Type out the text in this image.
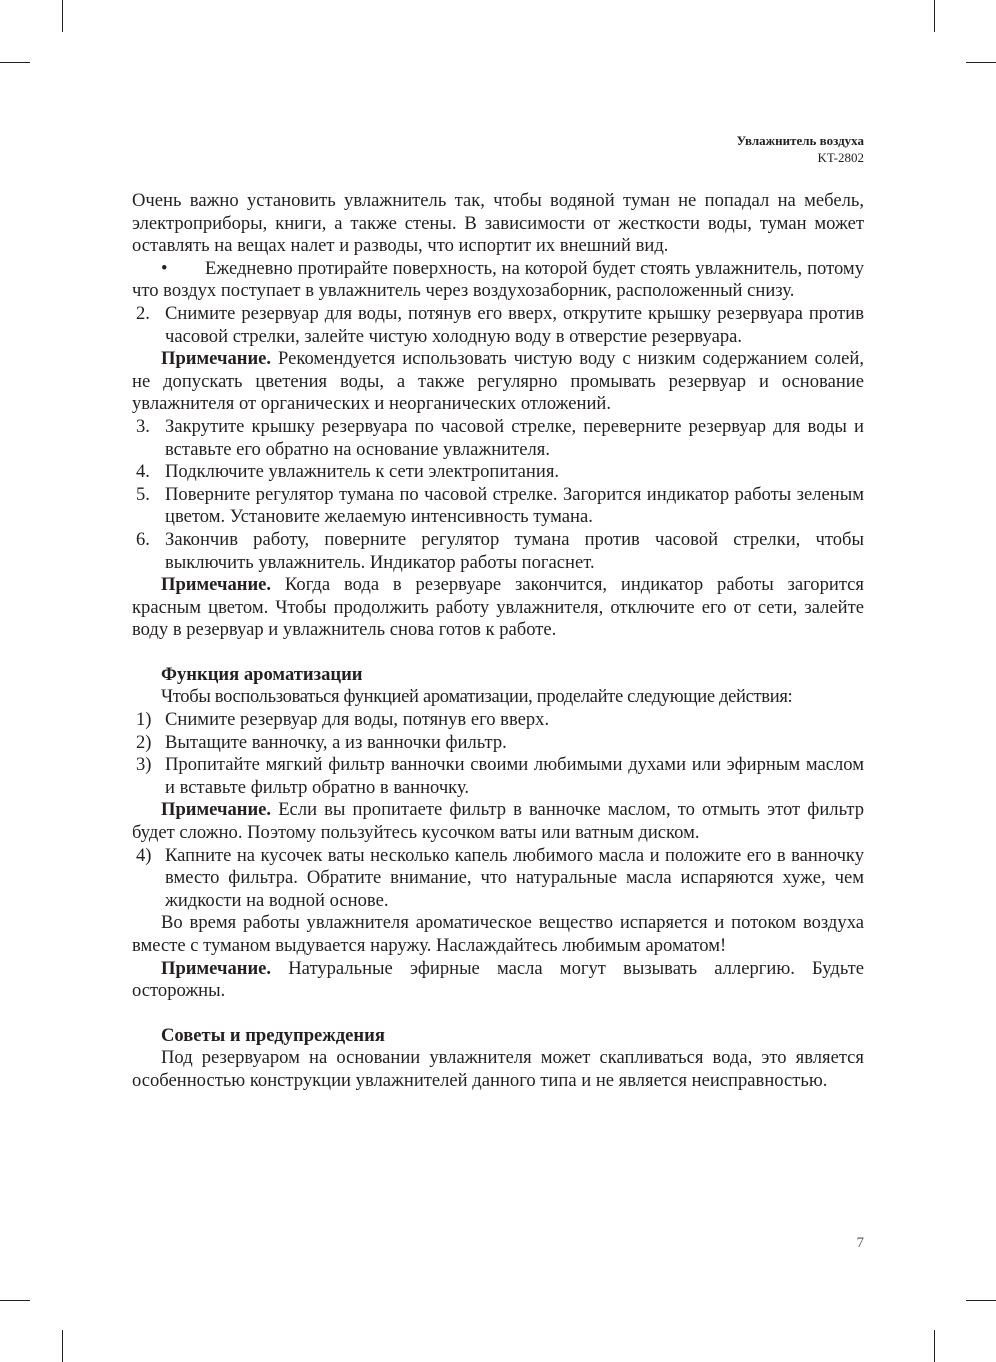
Увлажнитель воздуха
KT-2802

Очень важно установить увлажнитель так, чтобы водяной туман не попадал на мебель, электроприборы, книги, а также стены. В зависимости от жесткости воды, туман может оставлять на вещах налет и разводы, что испортит их внешний вид.

• Ежедневно протирайте поверхность, на которой будет стоять увлажнитель, потому что воздух поступает в увлажнитель через воздухозаборник, расположенный снизу.

2. Снимите резервуар для воды, потянув его вверх, открутите крышку резервуара против часовой стрелки, залейте чистую холодную воду в отверстие резервуара.

Примечание. Рекомендуется использовать чистую воду с низким содержанием солей, не допускать цветения воды, а также регулярно промывать резервуар и основание увлажнителя от органических и неорганических отложений.

3. Закрутите крышку резервуара по часовой стрелке, переверните резервуар для воды и вставьте его обратно на основание увлажнителя.
4. Подключите увлажнитель к сети электропитания.
5. Поверните регулятор тумана по часовой стрелке. Загорится индикатор работы зеленым цветом. Установите желаемую интенсивность тумана.
6. Закончив работу, поверните регулятор тумана против часовой стрелки, чтобы выключить увлажнитель. Индикатор работы погаснет.

Примечание. Когда вода в резервуаре закончится, индикатор работы загорится красным цветом. Чтобы продолжить работу увлажнителя, отключите его от сети, залейте воду в резервуар и увлажнитель снова готов к работе.

Функция ароматизации

Чтобы воспользоваться функцией ароматизации, проделайте следующие действия:

1) Снимите резервуар для воды, потянув его вверх.
2) Вытащите ванночку, а из ванночки фильтр.
3) Пропитайте мягкий фильтр ванночки своими любимыми духами или эфирным маслом и вставьте фильтр обратно в ванночку.

Примечание. Если вы пропитаете фильтр в ванночке маслом, то отмыть этот фильтр будет сложно. Поэтому пользуйтесь кусочком ваты или ватным диском.

4) Капните на кусочек ваты несколько капель любимого масла и положите его в ванночку вместо фильтра. Обратите внимание, что натуральные масла испаряются хуже, чем жидкости на водной основе.

Во время работы увлажнителя ароматическое вещество испаряется и потоком воздуха вместе с туманом выдувается наружу. Наслаждайтесь любимым ароматом!

Примечание. Натуральные эфирные масла могут вызывать аллергию. Будьте осторожны.

Советы и предупреждения

Под резервуаром на основании увлажнителя может скапливаться вода, это является особенностью конструкции увлажнителей данного типа и не является неисправностью.

7
